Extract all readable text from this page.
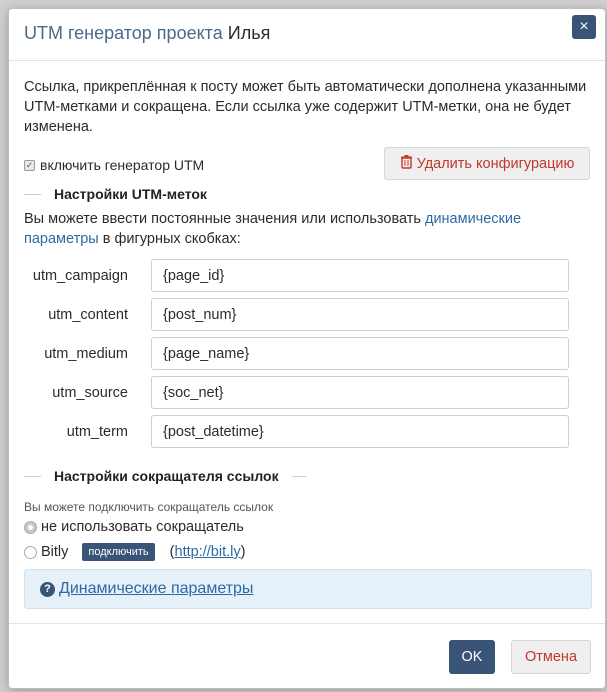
UTM генератор проекта Илья	×

Ссылка, прикреплённая к посту может быть автоматически дополнена указанными UTM-метками и сокращена. Если ссылка уже содержит UTM-метки, она не будет изменена.

✓ включить генератор UTM	Удалить конфигурацию
Настройки UTM-меток

Вы можете ввести постоянные значения или использовать динамические параметры в фигурных скобках:

utm_campaign	{page_id}
utm_content	{post_num}
utm_medium	{page_name}
utm_source	{soc_net}
utm_term	{post_datetime}
Настройки сокращателя ссылок

Вы можете подключить сокращатель ссылок

не использовать сокращатель
Bitly	подключить	( http://bit.ly )
? Динамические параметры
OK	Отмена
